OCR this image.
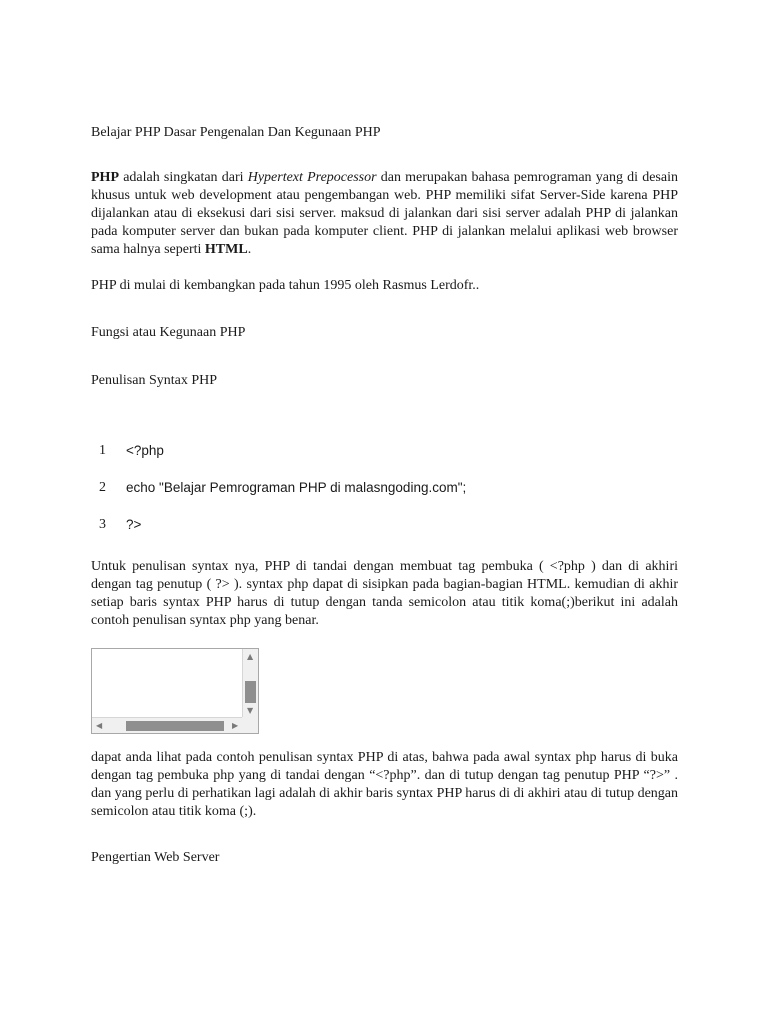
Belajar PHP Dasar Pengenalan Dan Kegunaan PHP
PHP adalah singkatan dari Hypertext Prepocessor dan merupakan bahasa pemrograman yang di desain khusus untuk web development atau pengembangan web. PHP memiliki sifat Server-Side karena PHP dijalankan atau di eksekusi dari sisi server. maksud di jalankan dari sisi server adalah PHP di jalankan pada komputer server dan bukan pada komputer client. PHP di jalankan melalui aplikasi web browser sama halnya seperti HTML.
PHP di mulai di kembangkan pada tahun 1995 oleh Rasmus Lerdofr..
Fungsi atau Kegunaan PHP
Penulisan Syntax PHP
1	<?php
2	echo "Belajar Pemrograman PHP di malasngoding.com";
3	?>
Untuk penulisan syntax nya, PHP di tandai dengan membuat tag pembuka ( <?php ) dan di akhiri dengan tag penutup ( ?> ). syntax php dapat di sisipkan pada bagian-bagian HTML. kemudian di akhir setiap baris syntax PHP harus di tutup dengan tanda semicolon atau titik koma(;)berikut ini adalah contoh penulisan syntax php yang benar.
▲
▼
◀	▶
dapat anda lihat pada contoh penulisan syntax PHP di atas, bahwa pada awal syntax php harus di buka dengan tag pembuka php yang di tandai dengan “<?php”. dan di tutup dengan tag penutup PHP “?>” . dan yang perlu di perhatikan lagi adalah di akhir baris syntax PHP harus di di akhiri atau di tutup dengan semicolon atau titik koma (;).
Pengertian Web Server
